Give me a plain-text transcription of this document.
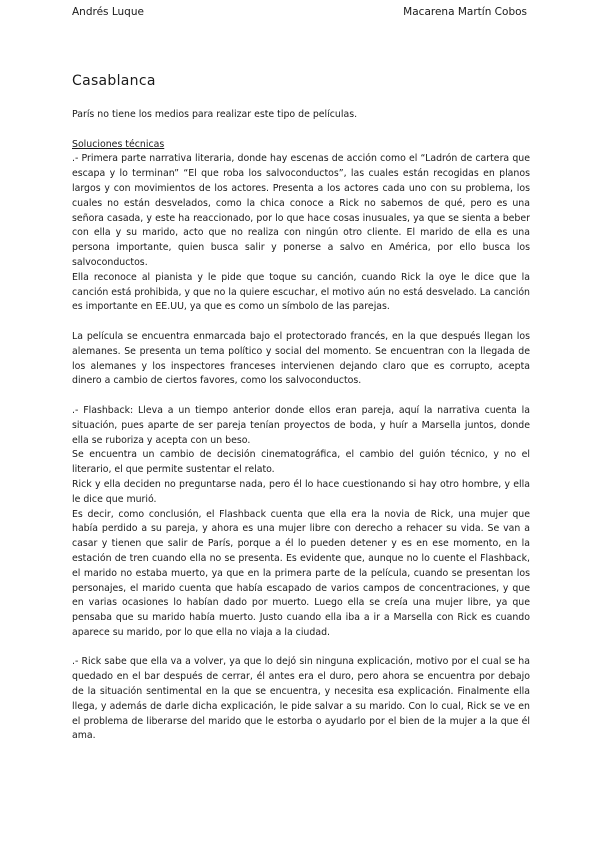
Andrés Luque	Macarena Martín Cobos
Casablanca

París no tiene los medios para realizar este tipo de películas.

Soluciones técnicas

.- Primera parte narrativa literaria, donde hay escenas de acción como el “Ladrón de cartera que escapa y lo terminan” “El que roba los salvoconductos”, las cuales están recogidas en planos largos y con movimientos de los actores. Presenta a los actores cada uno con su problema, los cuales no están desvelados, como la chica conoce a Rick no sabemos de qué, pero es una señora casada, y este ha reaccionado, por lo que hace cosas inusuales, ya que se sienta a beber con ella y su marido, acto que no realiza con ningún otro cliente. El marido de ella es una persona importante, quien busca salir y ponerse a salvo en América, por ello busca los salvoconductos.

Ella reconoce al pianista y le pide que toque su canción, cuando Rick la oye le dice que la canción está prohibida, y que no la quiere escuchar, el motivo aún no está desvelado. La canción es importante en EE.UU, ya que es como un símbolo de las parejas.

La película se encuentra enmarcada bajo el protectorado francés, en la que después llegan los alemanes. Se presenta un tema político y social del momento. Se encuentran con la llegada de los alemanes y los inspectores franceses intervienen dejando claro que es corrupto, acepta dinero a cambio de ciertos favores, como los salvoconductos.

.- Flashback: Lleva a un tiempo anterior donde ellos eran pareja, aquí la narrativa cuenta la situación, pues aparte de ser pareja tenían proyectos de boda, y huír a Marsella juntos, donde ella se ruboriza y acepta con un beso.

Se encuentra un cambio de decisión cinematográfica, el cambio del guión técnico, y no el literario, el que permite sustentar el relato.

Rick y ella deciden no preguntarse nada, pero él lo hace cuestionando si hay otro hombre, y ella le dice que murió.

Es decir, como conclusión, el Flashback cuenta que ella era la novia de Rick, una mujer que había perdido a su pareja, y ahora es una mujer libre con derecho a rehacer su vida. Se van a casar y tienen que salir de París, porque a él lo pueden detener y es en ese momento, en la estación de tren cuando ella no se presenta. Es evidente que, aunque no lo cuente el Flashback, el marido no estaba muerto, ya que en la primera parte de la película, cuando se presentan los personajes, el marido cuenta que había escapado de varios campos de concentraciones, y que en varias ocasiones lo habían dado por muerto. Luego ella se creía una mujer libre, ya que pensaba que su marido había muerto. Justo cuando ella iba a ir a Marsella con Rick es cuando aparece su marido, por lo que ella no viaja a la ciudad.

.- Rick sabe que ella va a volver, ya que lo dejó sin ninguna explicación, motivo por el cual se ha quedado en el bar después de cerrar, él antes era el duro, pero ahora se encuentra por debajo de la situación sentimental en la que se encuentra, y necesita esa explicación. Finalmente ella llega, y además de darle dicha explicación, le pide salvar a su marido. Con lo cual, Rick se ve en el problema de liberarse del marido que le estorba o ayudarlo por el bien de la mujer a la que él ama.
